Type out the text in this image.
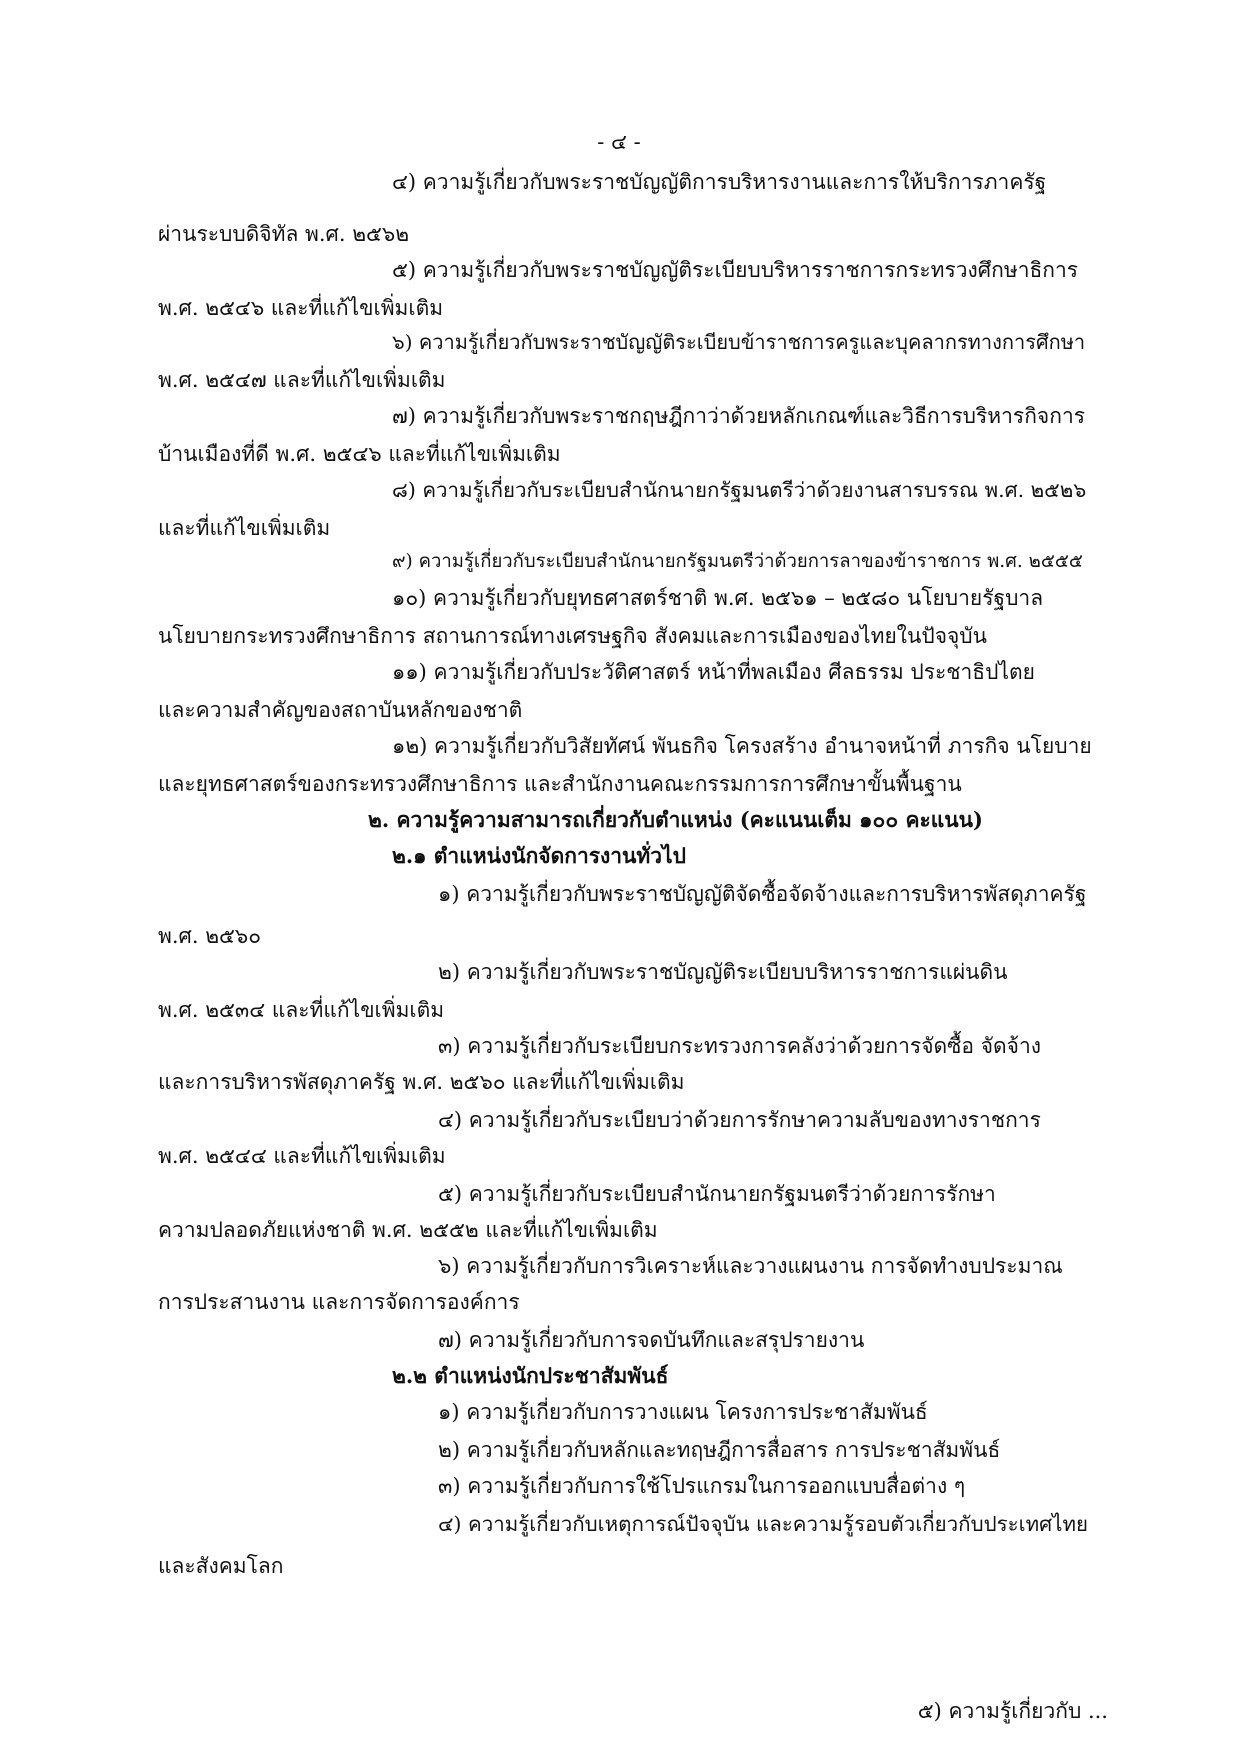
- ๔ -
๔) ความรู้เกี่ยวกับพระราชบัญญัติการบริหารงานและการให้บริการภาครัฐ
ผ่านระบบดิจิทัล พ.ศ. ๒๕๖๒
๕) ความรู้เกี่ยวกับพระราชบัญญัติระเบียบบริหารราชการกระทรวงศึกษาธิการ
พ.ศ. ๒๕๔๖ และที่แก้ไขเพิ่มเติม
๖) ความรู้เกี่ยวกับพระราชบัญญัติระเบียบข้าราชการครูและบุคลากรทางการศึกษา
พ.ศ. ๒๕๔๗ และที่แก้ไขเพิ่มเติม
๗) ความรู้เกี่ยวกับพระราชกฤษฎีกาว่าด้วยหลักเกณฑ์และวิธีการบริหารกิจการ
บ้านเมืองที่ดี พ.ศ. ๒๕๔๖ และที่แก้ไขเพิ่มเติม
๘) ความรู้เกี่ยวกับระเบียบสำนักนายกรัฐมนตรีว่าด้วยงานสารบรรณ พ.ศ. ๒๕๒๖
และที่แก้ไขเพิ่มเติม
๙) ความรู้เกี่ยวกับระเบียบสำนักนายกรัฐมนตรีว่าด้วยการลาของข้าราชการ พ.ศ. ๒๕๕๕
๑๐) ความรู้เกี่ยวกับยุทธศาสตร์ชาติ พ.ศ. ๒๕๖๑ – ๒๕๘๐ นโยบายรัฐบาล
นโยบายกระทรวงศึกษาธิการ สถานการณ์ทางเศรษฐกิจ สังคมและการเมืองของไทยในปัจจุบัน
๑๑) ความรู้เกี่ยวกับประวัติศาสตร์ หน้าที่พลเมือง ศีลธรรม ประชาธิปไตย
และความสำคัญของสถาบันหลักของชาติ
๑๒) ความรู้เกี่ยวกับวิสัยทัศน์ พันธกิจ โครงสร้าง อำนาจหน้าที่ ภารกิจ นโยบาย
และยุทธศาสตร์ของกระทรวงศึกษาธิการ และสำนักงานคณะกรรมการการศึกษาขั้นพื้นฐาน
๒. ความรู้ความสามารถเกี่ยวกับตำแหน่ง (คะแนนเต็ม ๑๐๐ คะแนน)
๒.๑ ตำแหน่งนักจัดการงานทั่วไป
๑) ความรู้เกี่ยวกับพระราชบัญญัติจัดซื้อจัดจ้างและการบริหารพัสดุภาครัฐ
พ.ศ. ๒๕๖๐
๒) ความรู้เกี่ยวกับพระราชบัญญัติระเบียบบริหารราชการแผ่นดิน
พ.ศ. ๒๕๓๔ และที่แก้ไขเพิ่มเติม
๓) ความรู้เกี่ยวกับระเบียบกระทรวงการคลังว่าด้วยการจัดซื้อ จัดจ้าง
และการบริหารพัสดุภาครัฐ พ.ศ. ๒๕๖๐ และที่แก้ไขเพิ่มเติม
๔) ความรู้เกี่ยวกับระเบียบว่าด้วยการรักษาความลับของทางราชการ
พ.ศ. ๒๕๔๔ และที่แก้ไขเพิ่มเติม
๕) ความรู้เกี่ยวกับระเบียบสำนักนายกรัฐมนตรีว่าด้วยการรักษา
ความปลอดภัยแห่งชาติ พ.ศ. ๒๕๕๒ และที่แก้ไขเพิ่มเติม
๖) ความรู้เกี่ยวกับการวิเคราะห์และวางแผนงาน การจัดทำงบประมาณ
การประสานงาน และการจัดการองค์การ
๗) ความรู้เกี่ยวกับการจดบันทึกและสรุปรายงาน
๒.๒ ตำแหน่งนักประชาสัมพันธ์
๑) ความรู้เกี่ยวกับการวางแผน โครงการประชาสัมพันธ์
๒) ความรู้เกี่ยวกับหลักและทฤษฎีการสื่อสาร การประชาสัมพันธ์
๓) ความรู้เกี่ยวกับการใช้โปรแกรมในการออกแบบสื่อต่าง ๆ
๔) ความรู้เกี่ยวกับเหตุการณ์ปัจจุบัน และความรู้รอบตัวเกี่ยวกับประเทศไทย
และสังคมโลก
๕) ความรู้เกี่ยวกับ ...
